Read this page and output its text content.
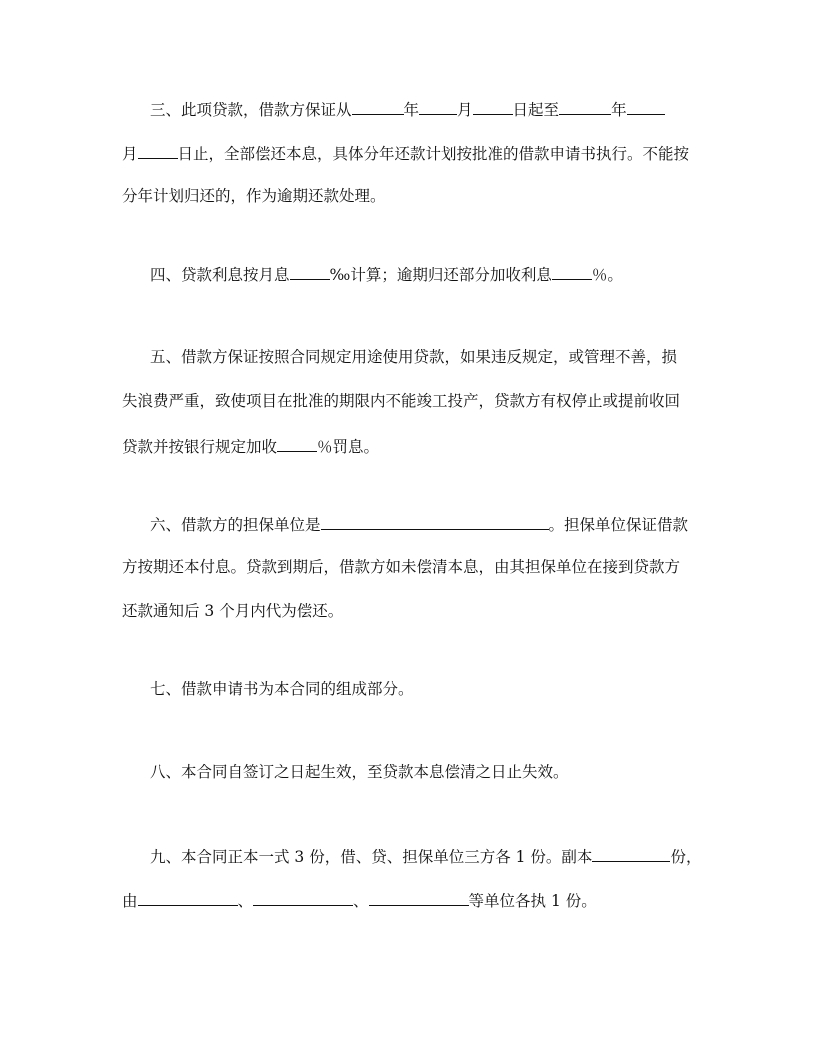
三、此项贷款，借款方保证从	年 月	日起至	年
月	日止，全部偿还本息，具体分年还款计划按批准的借款申请书执行。不能按
分年计划归还的，作为逾期还款处理。
四、贷款利息按月息	‰计算；逾期归还部分加收利息	％。
五、借款方保证按照合同规定用途使用贷款，如果违反规定，或管理不善，损
失浪费严重，致使项目在批准的期限内不能竣工投产，贷款方有权停止或提前收回
贷款并按银行规定加收	％罚息。
六、借款方的担保单位是	。担保单位保证借款
方按期还本付息。贷款到期后，借款方如未偿清本息，由其担保单位在接到贷款方
还款通知后 3 个月内代为偿还。
七、借款申请书为本合同的组成部分。
八、本合同自签订之日起生效，至贷款本息偿清之日止失效。
九、本合同正本一式 3 份，借、贷、担保单位三方各 1 份。副本	份，
由	、	、	等单位各执 1 份。
